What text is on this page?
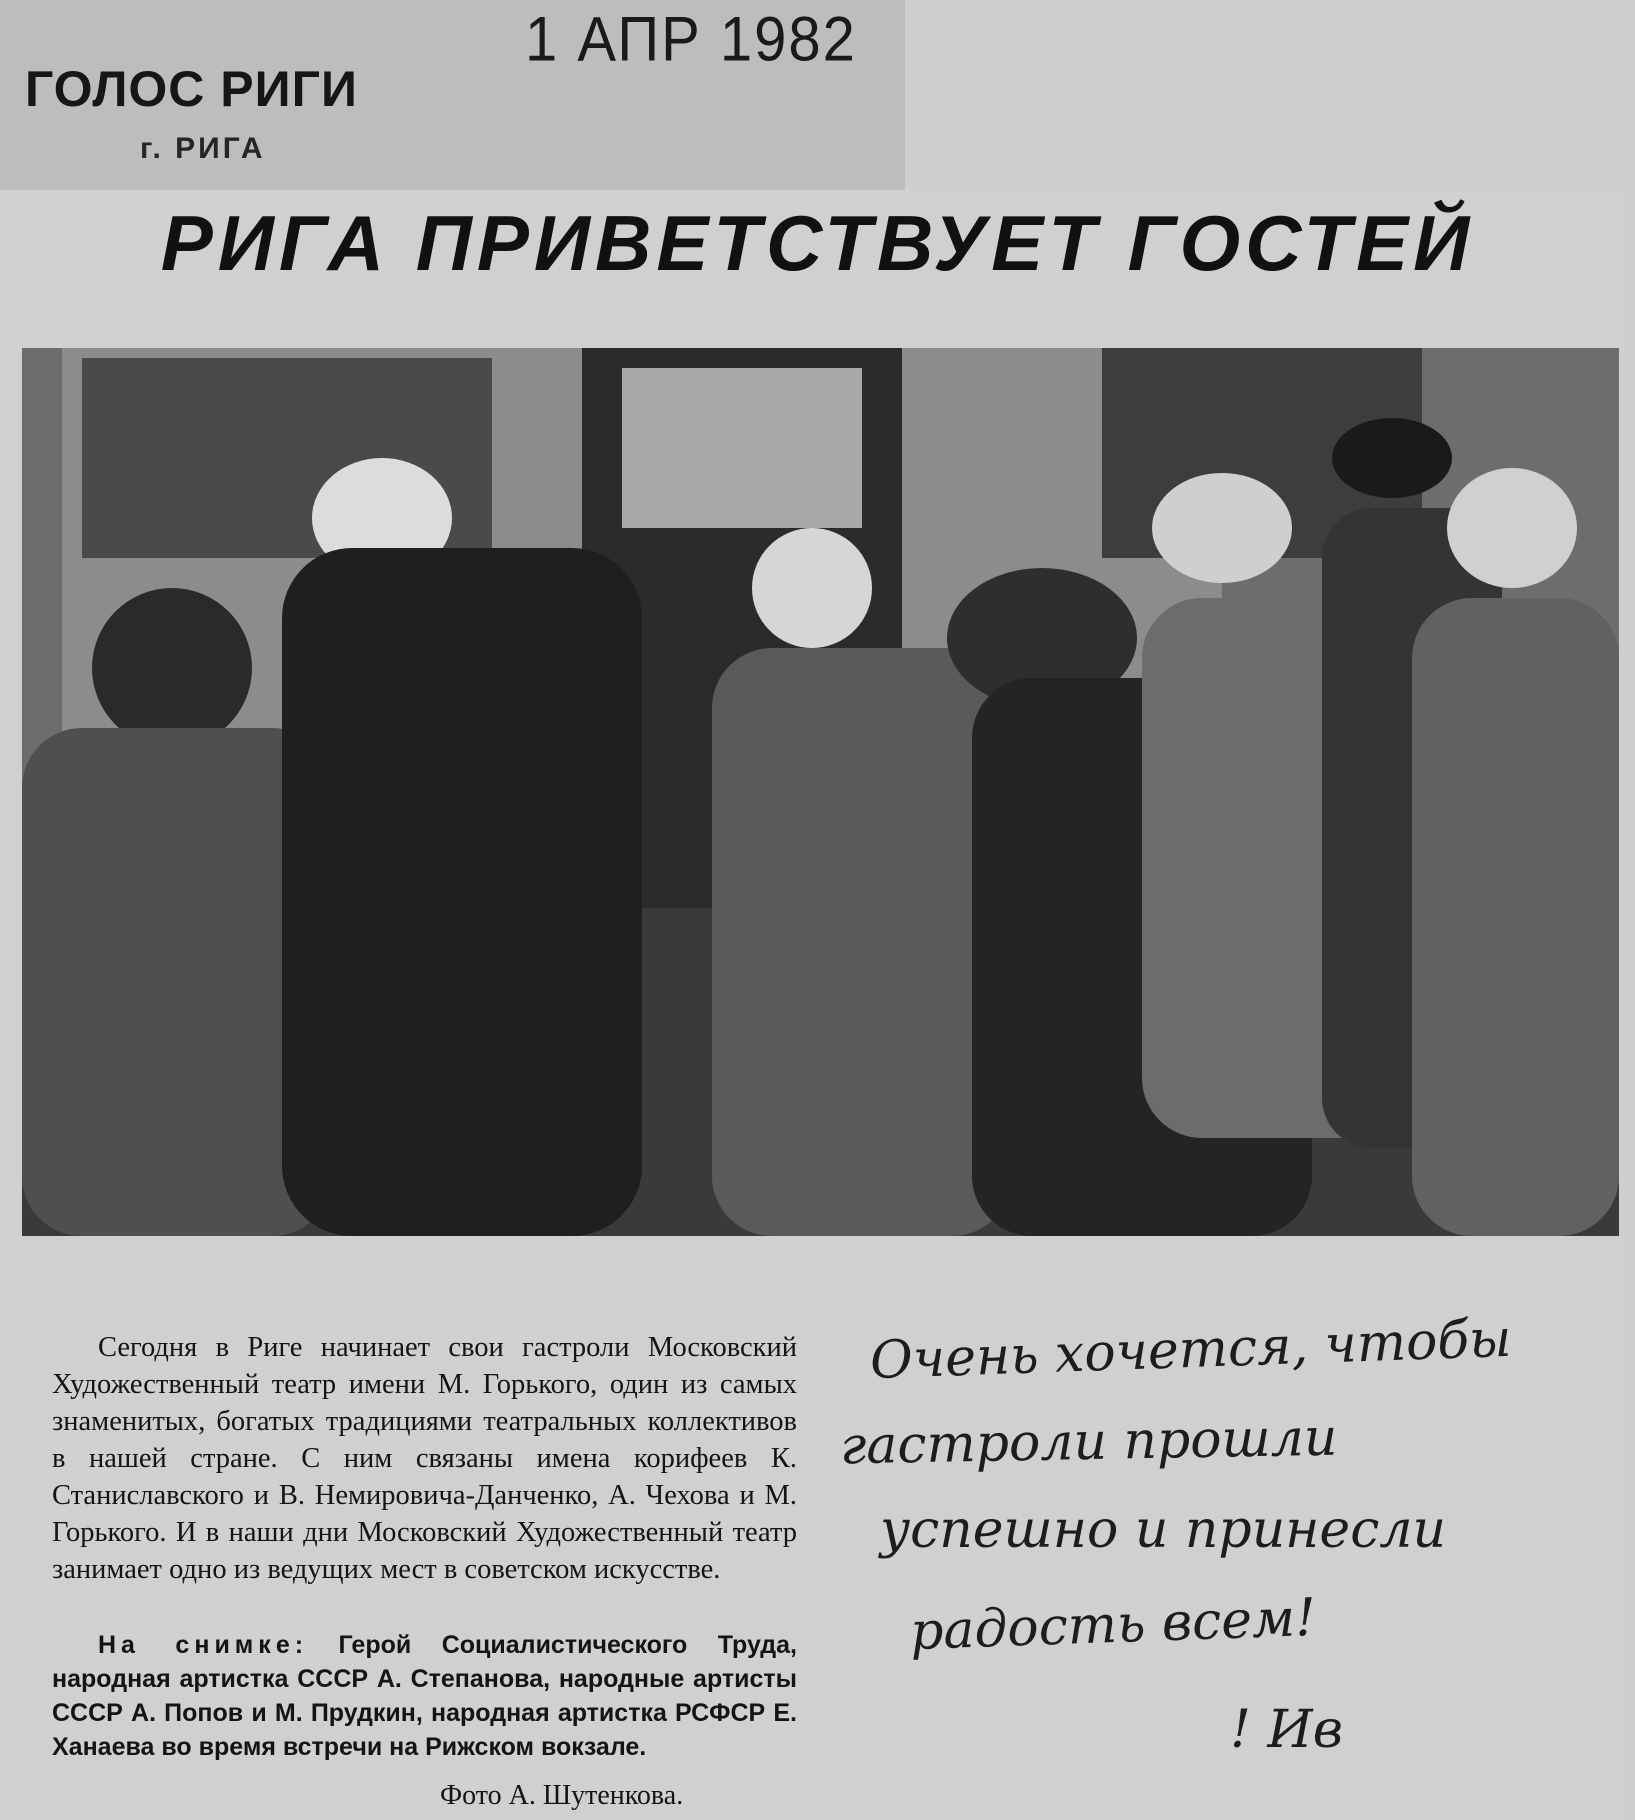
1 АПР 1982
ГОЛОС РИГИ
г. РИГА
РИГА ПРИВЕТСТВУЕТ ГОСТЕЙ

Сегодня в Риге начинает свои гастроли Московский Художественный театр имени М. Горького, один из самых знаменитых, богатых традициями театральных коллективов в нашей стране. С ним связаны имена корифеев К. Станиславского и В. Немировича-Данченко, А. Чехова и М. Горького. И в наши дни Московский Художественный театр занимает одно из ведущих мест в советском искусстве.

На снимке: Герой Социалистического Труда, народная артистка СССР А. Степанова, народные артисты СССР А. Попов и М. Прудкин, народная артистка РСФСР Е. Ханаева во время встречи на Рижском вокзале.

Фото А. Шутенкова.
Очень хочется, чтобы
гастроли прошли
успешно и принесли
радость всем!
! Ив
